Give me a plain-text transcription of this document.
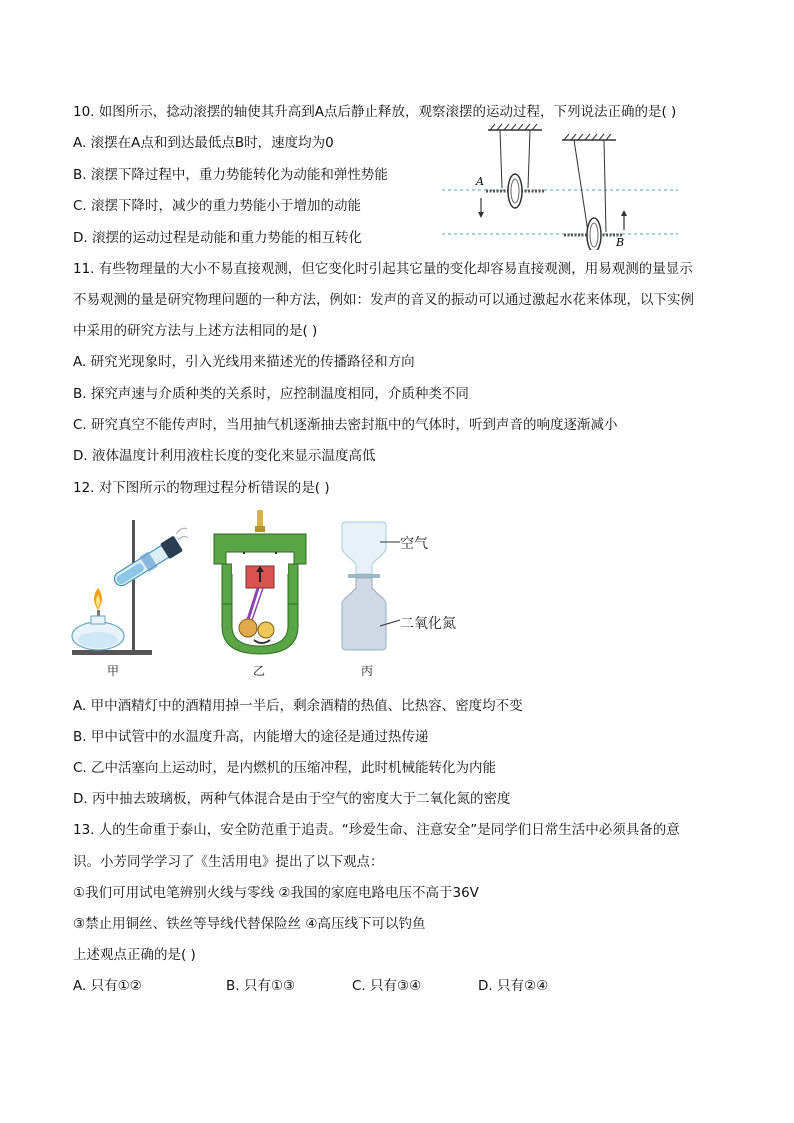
10. 如图所示，捻动滚摆的轴使其升高到A点后静止释放，观察滚摆的运动过程，下列说法正确的是( )
A. 滚摆在A点和到达最低点B时，速度均为0
B. 滚摆下降过程中，重力势能转化为动能和弹性势能
C. 滚摆下降时，减少的重力势能小于增加的动能
D. 滚摆的运动过程是动能和重力势能的相互转化
A
B
11. 有些物理量的大小不易直接观测，但它变化时引起其它量的变化却容易直接观测，用易观测的量显示
不易观测的量是研究物理问题的一种方法，例如：发声的音叉的振动可以通过激起水花来体现，以下实例
中采用的研究方法与上述方法相同的是( )
A. 研究光现象时，引入光线用来描述光的传播路径和方向
B. 探究声速与介质种类的关系时，应控制温度相同，介质种类不同
C. 研究真空不能传声时，当用抽气机逐渐抽去密封瓶中的气体时，听到声音的响度逐渐减小
D. 液体温度计利用液柱长度的变化来显示温度高低
12. 对下图所示的物理过程分析错误的是( )
空气
二氧化氮
甲	乙	丙
A. 甲中酒精灯中的酒精用掉一半后，剩余酒精的热值、比热容、密度均不变
B. 甲中试管中的水温度升高，内能增大的途径是通过热传递
C. 乙中活塞向上运动时，是内燃机的压缩冲程，此时机械能转化为内能
D. 丙中抽去玻璃板，两种气体混合是由于空气的密度大于二氧化氮的密度
13. 人的生命重于泰山，安全防范重于追责。“珍爱生命、注意安全”是同学们日常生活中必须具备的意
识。小芳同学学习了《生活用电》提出了以下观点：
①我们可用试电笔辨别火线与零线 ②我国的家庭电路电压不高于36V
③禁止用铜丝、铁丝等导线代替保险丝 ④高压线下可以钓鱼
上述观点正确的是( )
A. 只有①②	B. 只有①③	C. 只有③④	D. 只有②④
